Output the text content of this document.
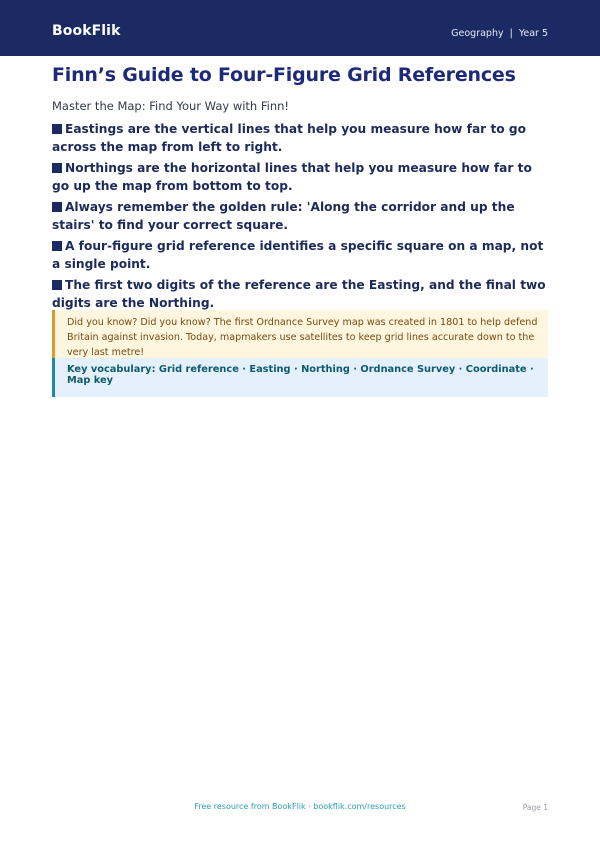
BookFlik	Geography | Year 5
Finn’s Guide to Four-Figure Grid References
Master the Map: Find Your Way with Finn!
Eastings are the vertical lines that help you measure how far to go across the map from left to right.
Northings are the horizontal lines that help you measure how far to go up the map from bottom to top.
Always remember the golden rule: 'Along the corridor and up the stairs' to find your correct square.
A four-figure grid reference identifies a specific square on a map, not a single point.
The first two digits of the reference are the Easting, and the final two digits are the Northing.
Did you know? Did you know? The first Ordnance Survey map was created in 1801 to help defend Britain against invasion. Today, mapmakers use satellites to keep grid lines accurate down to the very last metre!
Key vocabulary: Grid reference · Easting · Northing · Ordnance Survey · Coordinate · Map key
Free resource from BookFlik · bookflik.com/resources	Page 1
